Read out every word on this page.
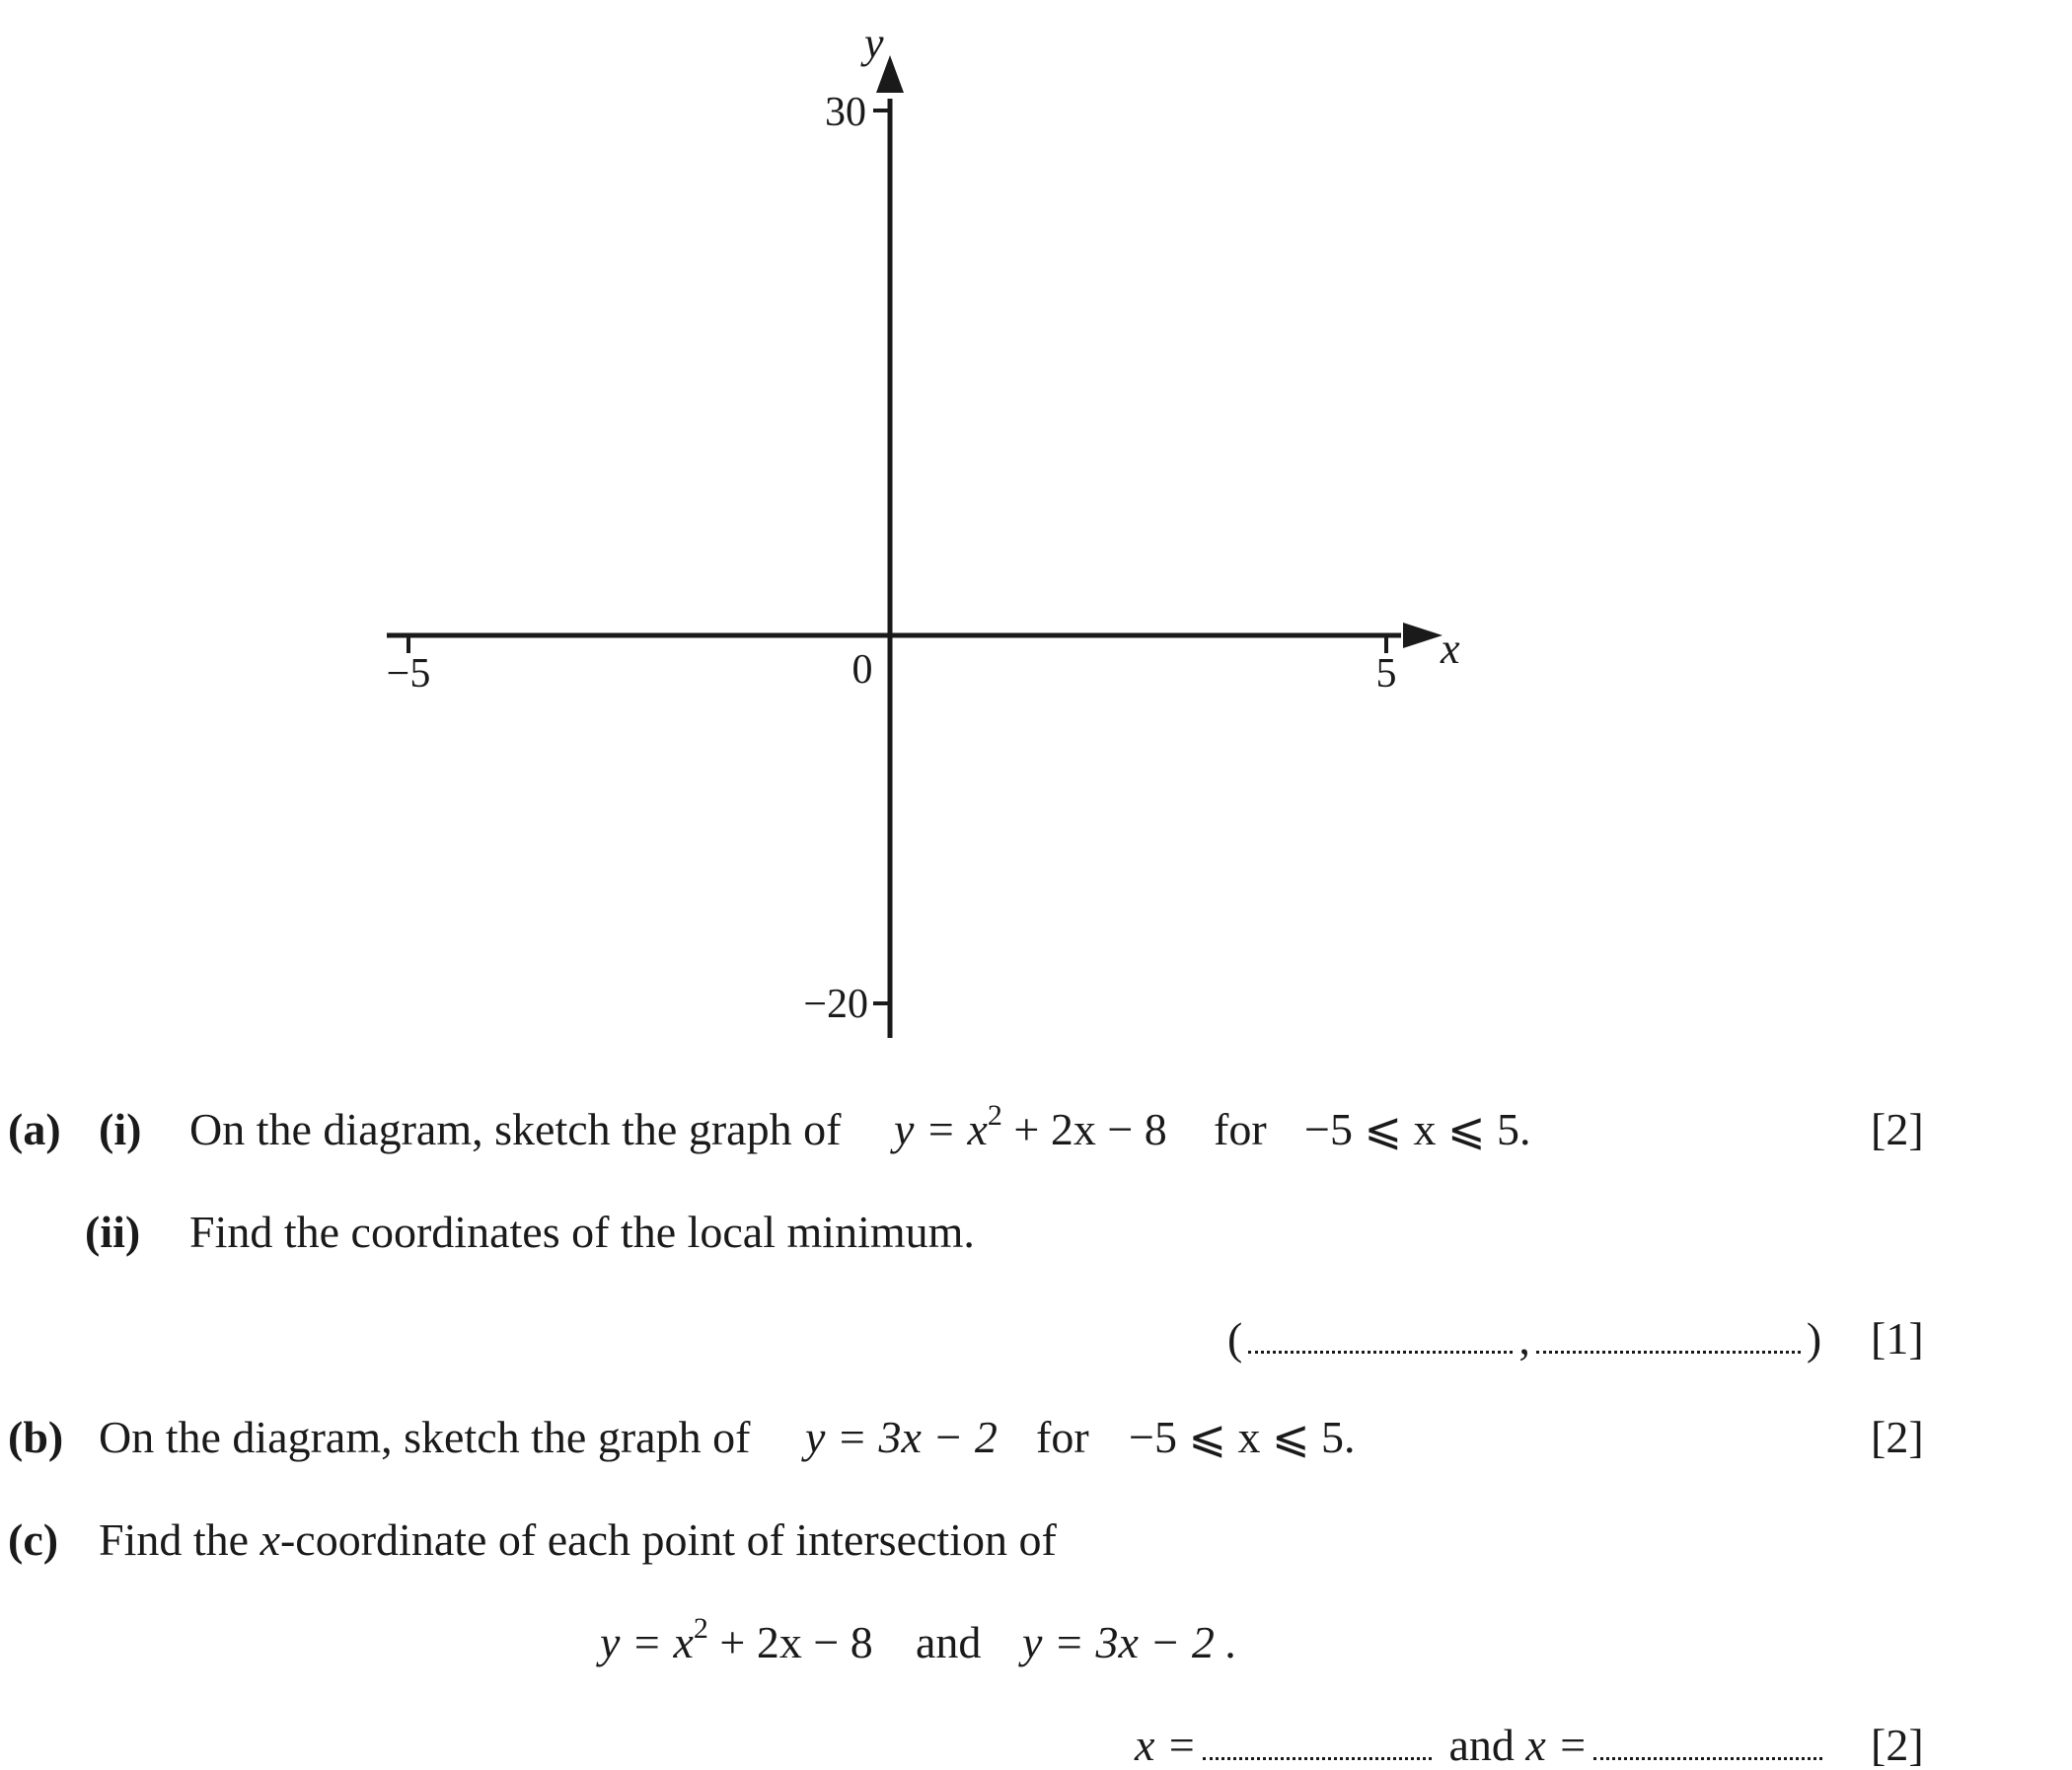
y
x
30
−20
−5	5
0
(a) (i) On the diagram, sketch the graph of $y = x^2 + 2x - 8$ for −5 ⩽ x ⩽ 5.	[2]
(ii) Find the coordinates of the local minimum.
(	,	) [1]
(b) On the diagram, sketch the graph of y = 3x − 2 for −5 ⩽ x ⩽ 5.	[2]
(c) Find the x-coordinate of each point of intersection of
$y = x^2 + 2x - 8$ and y = 3x − 2 .
x =	and x =	[2]
